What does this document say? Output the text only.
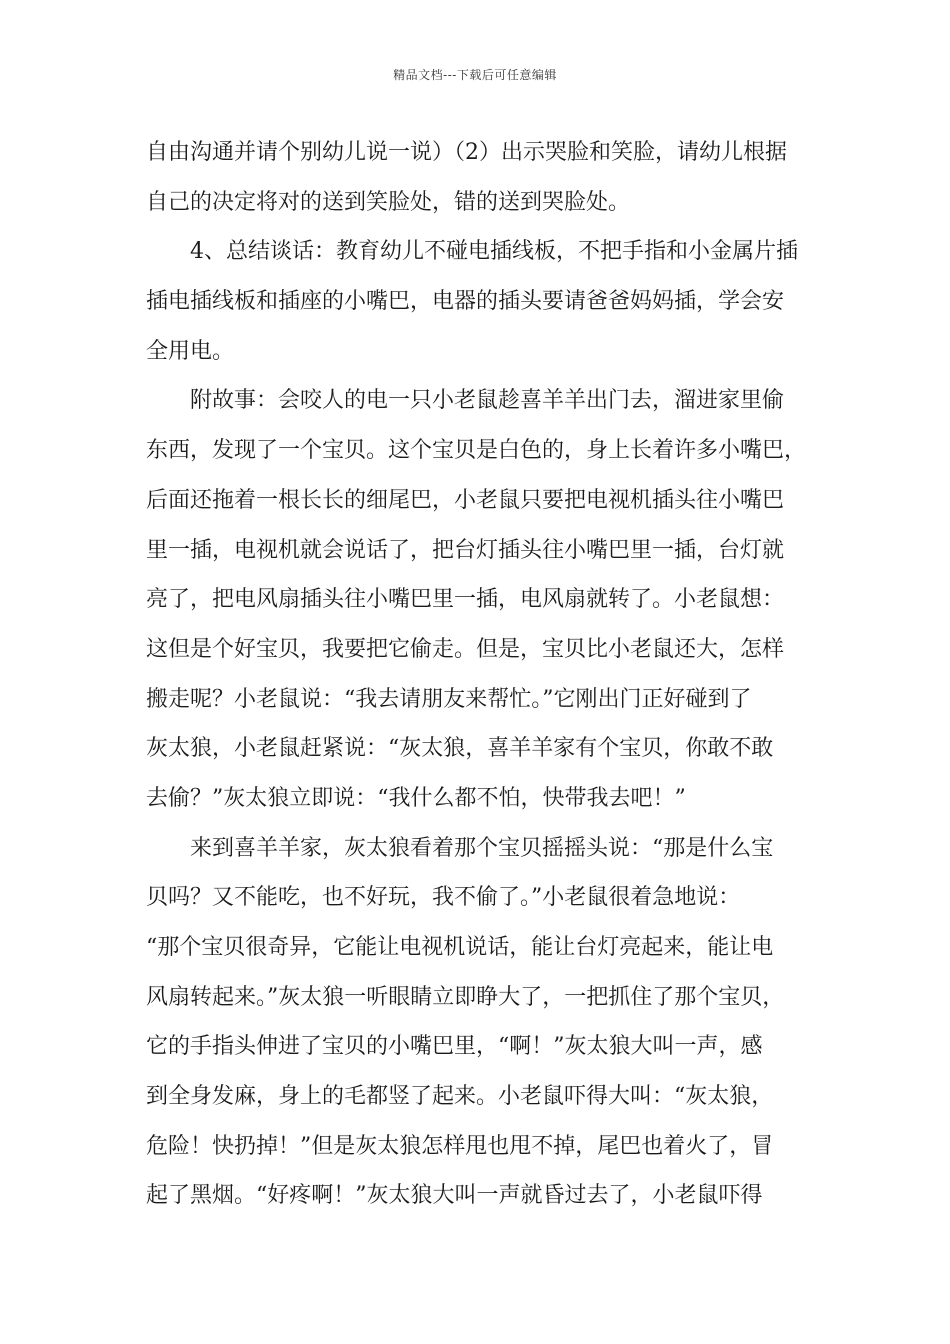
精品文档---下载后可任意编辑
自由沟通并请个别幼儿说一说）（2）出示哭脸和笑脸，请幼儿根据
自己的决定将对的送到笑脸处，错的送到哭脸处。
4、总结谈话：教育幼儿不碰电插线板，不把手指和小金属片插
插电插线板和插座的小嘴巴，电器的插头要请爸爸妈妈插，学会安
全用电。
附故事：会咬人的电一只小老鼠趁喜羊羊出门去，溜进家里偷
东西，发现了一个宝贝。这个宝贝是白色的，身上长着许多小嘴巴，
后面还拖着一根长长的细尾巴，小老鼠只要把电视机插头往小嘴巴
里一插，电视机就会说话了，把台灯插头往小嘴巴里一插，台灯就
亮了，把电风扇插头往小嘴巴里一插，电风扇就转了。小老鼠想：
这但是个好宝贝，我要把它偷走。但是，宝贝比小老鼠还大，怎样
搬走呢？小老鼠说：“我去请朋友来帮忙。”它刚出门正好碰到了
灰太狼，小老鼠赶紧说：“灰太狼，喜羊羊家有个宝贝，你敢不敢
去偷？”灰太狼立即说：“我什么都不怕，快带我去吧！”
来到喜羊羊家，灰太狼看着那个宝贝摇摇头说：“那是什么宝
贝吗？又不能吃，也不好玩，我不偷了。”小老鼠很着急地说：
“那个宝贝很奇异，它能让电视机说话，能让台灯亮起来，能让电
风扇转起来。”灰太狼一听眼睛立即睁大了，一把抓住了那个宝贝，
它的手指头伸进了宝贝的小嘴巴里，“啊！”灰太狼大叫一声，感
到全身发麻，身上的毛都竖了起来。小老鼠吓得大叫：“灰太狼，
危险！快扔掉！”但是灰太狼怎样甩也甩不掉，尾巴也着火了，冒
起了黑烟。“好疼啊！”灰太狼大叫一声就昏过去了，小老鼠吓得
